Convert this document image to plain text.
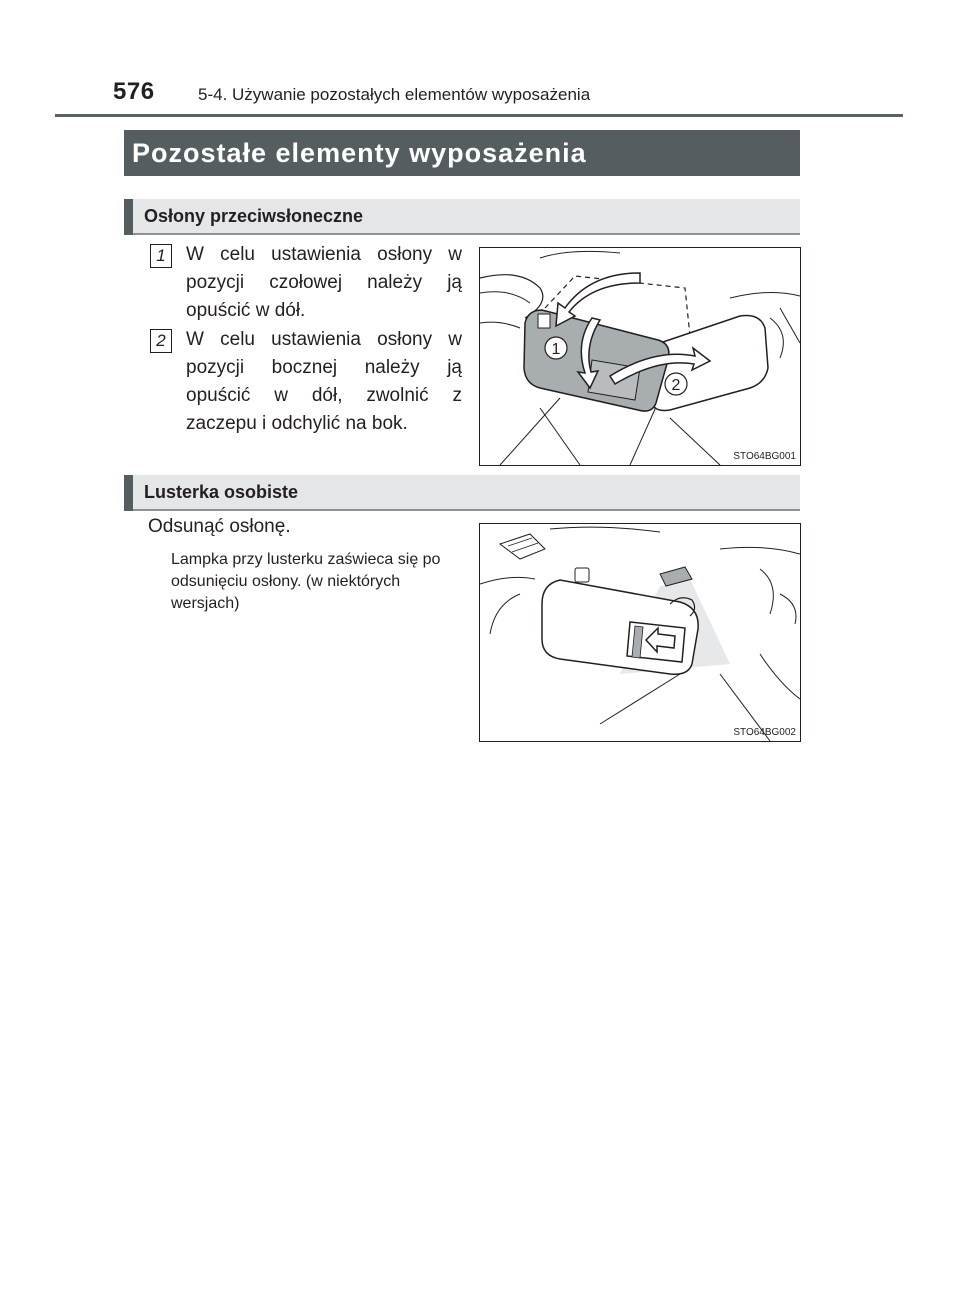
576	5-4. Używanie pozostałych elementów wyposażenia
Pozostałe elementy wyposażenia
Osłony przeciwsłoneczne
1	W celu ustawienia osłony w pozycji czołowej należy ją opuścić w dół.
2	W celu ustawienia osłony w pozycji bocznej należy ją opuścić w dół, zwolnić z zaczepu i odchylić na bok.
1
2
STO64BG001
Lusterka osobiste
Odsunąć osłonę.
Lampka przy lusterku zaświeca się po odsunięciu osłony. (w niektórych wersjach)
STO64BG002
